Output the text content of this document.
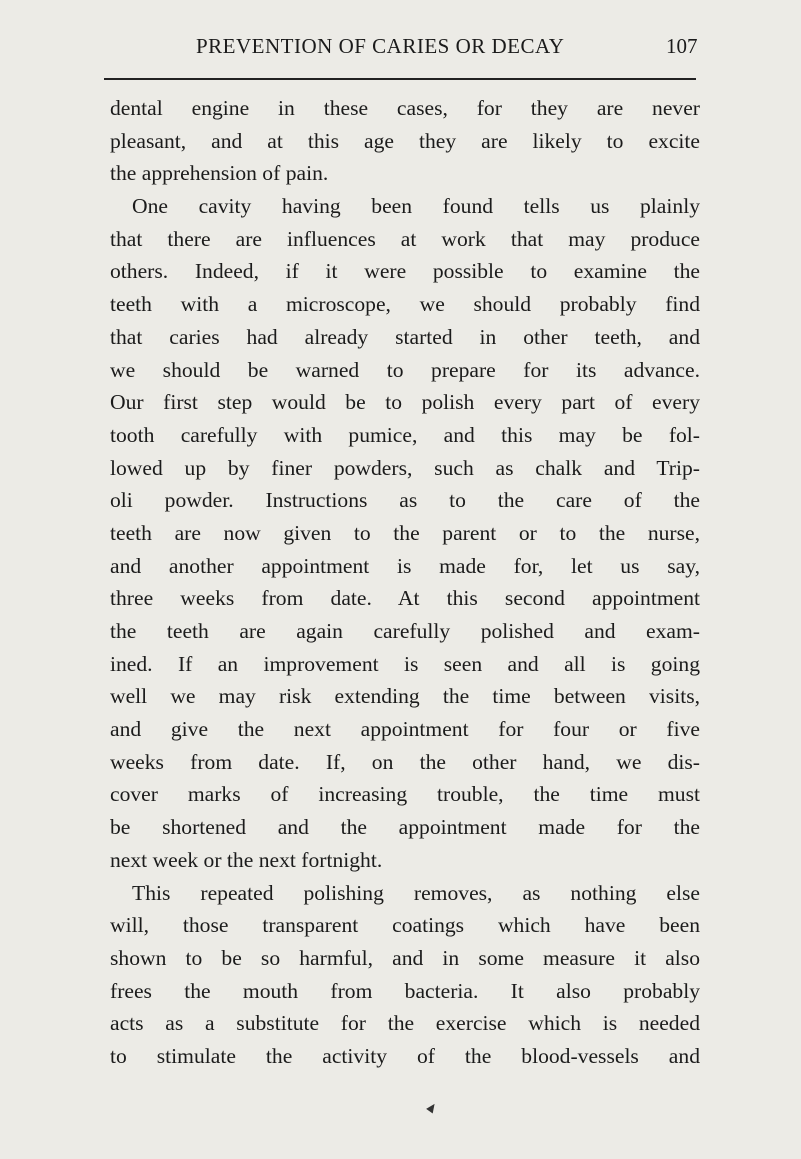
PREVENTION OF CARIES OR DECAY	107
dental engine in these cases, for they are never
pleasant, and at this age they are likely to excite
the apprehension of pain.
One cavity having been found tells us plainly
that there are influences at work that may produce
others. Indeed, if it were possible to examine the
teeth with a microscope, we should probably find
that caries had already started in other teeth, and
we should be warned to prepare for its advance.
Our first step would be to polish every part of every
tooth carefully with pumice, and this may be fol-
lowed up by finer powders, such as chalk and Trip-
oli powder. Instructions as to the care of the
teeth are now given to the parent or to the nurse,
and another appointment is made for, let us say,
three weeks from date. At this second appointment
the teeth are again carefully polished and exam-
ined. If an improvement is seen and all is going
well we may risk extending the time between visits,
and give the next appointment for four or five
weeks from date. If, on the other hand, we dis-
cover marks of increasing trouble, the time must
be shortened and the appointment made for the
next week or the next fortnight.
This repeated polishing removes, as nothing else
will, those transparent coatings which have been
shown to be so harmful, and in some measure it also
frees the mouth from bacteria. It also probably
acts as a substitute for the exercise which is needed
to stimulate the activity of the blood-vessels and
